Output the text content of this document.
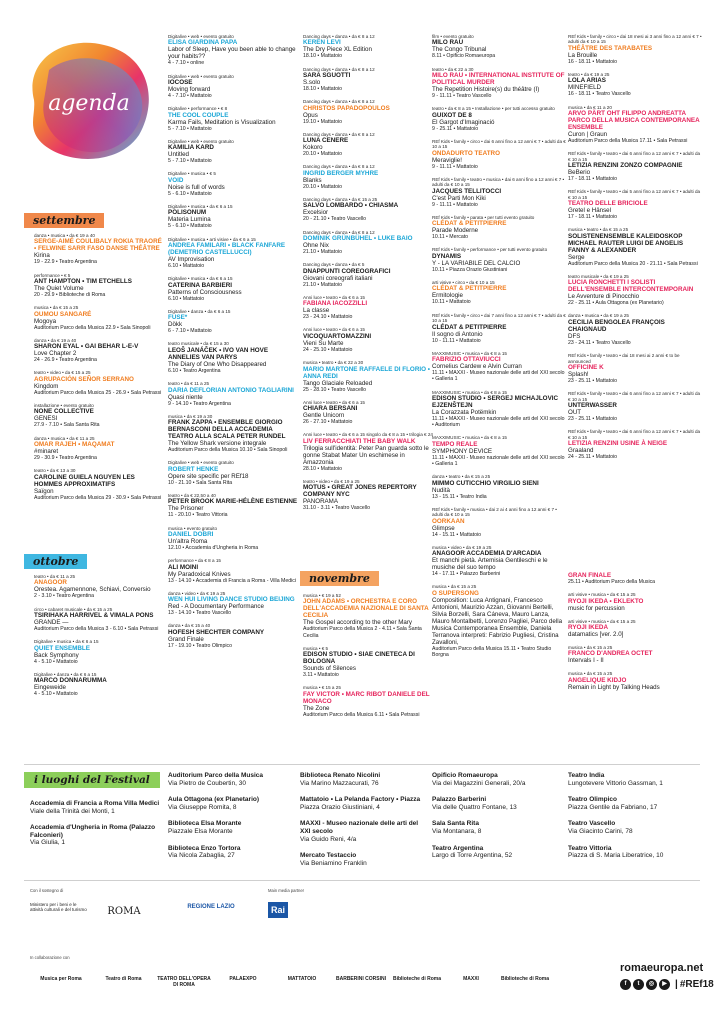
agenda
settembre
danza • musica • da € 19 a 40
SERGE-AIMÉ COULIBALY ROKIA TRAORÉ • FELWINE SARR FASO DANSE THÉÂTRE
Kirina
19 - 22.9 • Teatro Argentina
performance • € 5
ANT HAMPTON • TIM ETCHELLS
The Quiet Volume
20 - 29.9 • Biblioteche di Roma
musica • da € 15 a 25
OUMOU SANGARÉ
Mogoya
Auditorium Parco della Musica 22.9 • Sala Sinopoli
danza • da € 19 a 40
SHARON EYAL • GAI BEHAR L-E-V
Love Chapter 2
24 - 26.9 • Teatro Argentina
teatro • video • da € 15 a 25
AGRUPACIÓN SEÑOR SERRANO
Kingdom
Auditorium Parco della Musica 25 - 26.9 • Sala Petrassi
installazione • evento gratuito
NONE COLLECTIVE
GENESI
27.9 - 7.10 • Sala Santa Rita
danza • musica • da € 11 a 25
OMAR RAJEH • MAQAMAT
#minaret
29 - 30.9 • Teatro Argentina
teatro • da € 13 a 30
CAROLINE GUIELA NGUYEN LES HOMMES APPROXIMATIFS
Saïgon
Auditorium Parco della Musica 29 - 30.9 • Sala Petrassi
ottobre
teatro • da € 11 a 25
ANAGOOR
Orestea. Agamennone, Schiavi, Conversio
2 - 3.10 • Teatro Argentina
circo • cabaret musicale • da € 15 a 25
TSIRIHAKA HARRIVEL & VIMALA PONS
GRANDE —
Auditorium Parco della Musica 3 - 6.10 • Sala Petrassi
Digitalive • musica • da € 6 a 15
QUIET ENSEMBLE
Back Symphony
4 - 5.10 • Mattatoio
Digitalive • danza • da € 6 a 15
MARCO DONNARUMMA
Eingeweide
4 - 5.10 • Mattatoio
Digitalive • web • evento gratuito
ELISA GIARDINA PAPA
Labor of Sleep, Have you been able to change your habits??
4 - 7.10 • online
Digitalive • web • evento gratuito
IOCOSE
Moving forward
4 - 7.10 • Mattatoio
Digitalive • performance • € 8
THE COOL COUPLE
Karma Fails, Meditation is Visualization
5 - 7.10 • Mattatoio
Digitalive • web • evento gratuito
KAMILIA KARD
Untitled
5 - 7.10 • Mattatoio
Digitalive • musica • € 5
VOID
Noise is full of words
5 - 6.10 • Mattatoio
Digitalive • musica • da € 6 a 15
POLISONUM
Materia Lumina
5 - 6.10 • Mattatoio
Digitalive • musica • arti visive • da € 6 a 15
ANDREA FAMILARI • BLACK FANFARE (DEMETRIO CASTELLUCCI)
AV Improvisation
6.10 • Mattatoio
Digitalive • musica • da € 6 a 15
CATERINA BARBIERI
Patterns of Consciousness
6.10 • Mattatoio
Digitalive • danza • da € 6 a 15
FUSE*
Dökk
6 - 7.10 • Mattatoio
teatro musicale • da € 15 a 30
LEOŠ JANÁČEK • IVO VAN HOVE ANNELIES VAN PARYS
The Diary of One Who Disappeared
6.10 • Teatro Argentina
teatro • da € 11 a 25
DARIA DEFLORIAN ANTONIO TAGLIARINI
Quasi niente
9 - 14.10 • Teatro Argentina
musica • da € 19 a 30
FRANK ZAPPA • ENSEMBLE GIORGIO BERNASCONI DELLA ACCADEMIA TEATRO ALLA SCALA PETER RUNDEL
The Yellow Shark versione integrale
Auditorium Parco della Musica 10.10 • Sala Sinopoli
Digitalive • web • evento gratuito
ROBERT HENKE
Opere site specific per REf18
10 - 21.10 • Sala Santa Rita
teatro • da € 22,50 a 40
PETER BROOK MARIE-HÉLÈNE ESTIENNE
The Prisoner
11 - 20.10 • Teatro Vittoria
musica • evento gratuito
DANIEL DOBRI
Un'altra Roma
12.10 • Accademia d'Ungheria in Roma
performance • da € 8 a 15
ALI MOINI
My Paradoxical Knives
13 - 14.10 • Accademia di Francia a Roma - Villa Medici
danza • video • da € 19 a 25
WEN HUI LIVING DANCE STUDIO BEIJING
Red - A Documentary Performance
13 - 14.10 • Teatro Vascello
danza • da € 15 a 40
HOFESH SHECHTER COMPANY
Grand Finale
17 - 19.10 • Teatro Olimpico
Dancing days • danza • da € 8 a 12
KEREN LEVI
The Dry Piece XL Edition
18.10 • Mattatoio
Dancing days • danza • da € 8 a 12
SARA SGUOTTI
S.solo
18.10 • Mattatoio
Dancing days • danza • da € 8 a 12
CHRISTOS PAPADOPOULOS
Opus
19.10 • Mattatoio
Dancing days • danza • da € 8 a 12
LUNA CENERE
Kokoro
20.10 • Mattatoio
Dancing days • danza • da € 8 a 12
INGRID BERGER MYHRE
Blanks
20.10 • Mattatoio
Dancing days • danza • da € 15 a 25
SALVO LOMBARDO • CHIASMA
Excelsior
20 - 21.10 • Teatro Vascello
Dancing days • danza • da € 8 a 12
DOMINIK GRÜNBÜHEL • LUKE BAIO
Ohne Nix
21.10 • Mattatoio
Dancing days • danza • da € 5
DNAPPUNTI COREOGRAFICI
Giovani coreografi italiani
21.10 • Mattatoio
Anni luce • teatro • da € 6 a 15
FABIANA IACOZZILLI
La classe
23 - 24.10 • Mattatoio
Anni luce • teatro • da € 6 a 15
VICOQUARTOMAZZINI
Vieni Su Marte
24 - 25.10 • Mattatoio
musica • teatro • da € 22 a 30
MARIO MARTONE RAFFAELE DI FLORIO • ANNA REDI
Tango Glaciale Reloaded
25 - 28.10 • Teatro Vascello
Anni luce • teatro • da € 6 a 15
CHIARA BERSANI
Gentle Unicorn
26 - 27.10 • Mattatoio
Anni luce • teatro • da € 6 a 15 singolo da € 8 a 15 • trilogia € 24
LIV FERRACCHIATI THE BABY WALK
Trilogia sull'identità: Peter Pan guarda sotto le gonne Stabat Mater Un eschimese in Amazzonia
28.10 • Mattatoio
teatro • video • da € 19 a 25
MOTUS • GREAT JONES REPERTORY COMPANY NYC
PANORAMA
31.10 - 3.11 • Teatro Vascello
novembre
musica • € 19 a 52
JOHN ADAMS • ORCHESTRA E CORO DELL'ACCADEMIA NAZIONALE DI SANTA CECILIA
The Gospel according to the other Mary
Auditorium Parco della Musica 2 - 4.11 • Sala Santa Cecilia
musica • € 5
EDISON STUDIO • SIAE CINETECA DI BOLOGNA
Sounds of Silences
3.11 • Mattatoio
musica • € 15 a 25
FAY VICTOR • MARC RIBOT DANIELE DEL MONACO
The Zone
Auditorium Parco della Musica 6.11 • Sala Petrassi
film • evento gratuito
MILO RAU
The Congo Tribunal
8.11 • Opificio Romaeuropa
teatro • da € 22 a 30
MILO RAU • INTERNATIONAL INSTITUTE OF POLITICAL MURDER
The Repetition Histoire(s) du théâtre (I)
9 - 11.11 • Teatro Vascello
teatro • da € 8 a 15 • Installazione • per tutti accesso gratuito
GUIXOT DE 8
El Gargot d'Imaginació
9 - 25.11 • Mattatoio
REf Kids • family • circo • dai 6 anni fino a 12 anni € 7 • adulti da € 10 a 15
ONDADURTO TEATRO
Meraviglie!
9 - 11.11 • Mattatoio
REf Kids • family • teatro • musica • dai 6 anni fino a 12 anni € 7 • adulti da € 10 a 15
JACQUES TELLITOCCI
C'est Parti Mon Kiki
9 - 11.11 • Mattatoio
REf Kids • family • parata • per tutti evento gratuito
CLÉDAT & PETITPIERRE
Parade Moderne
10.11 • Mercato
REf Kids • family • performance • per tutti evento gratuito
DYNAMIS
Y - LA VARIABILE DEL CALCIO
10.11 • Piazza Orazio Giustiniani
arti visive • circo • da € 10 a 15
CLÉDAT & PETITPIERRE
Ermitologie
10.11 • Mattatoio
REf Kids • family • circo • dai 7 anni fino a 12 anni € 7 • adulti da € 10 a 15
CLÉDAT & PETITPIERRE
Il sogno di Antonio
10 - 11.11 • Mattatoio
MAXXIMUSIC • musica • da € 8 a 15
FABRIZIO OTTAVIUCCI
Cornelius Cardew e Alvin Curran
11.11 • MAXXI - Museo nazionale delle arti del XXI secolo • Galleria 1
MAXXIMUSIC • musica • da € 8 a 15
EDISON STUDIO • SERGEJ MICHAJLOVIC EJZENŠTEJN
La Corazzata Potëmkin
11.11 • MAXXI - Museo nazionale delle arti del XXI secolo • Auditorium
MAXXIMUSIC • musica • da € 8 a 15
TEMPO REALE
SYMPHONY DEVICE
11.11 • MAXXI - Museo nazionale delle arti del XXI secolo • Galleria 1
danza • teatro • da € 15 a 25
MIMMO CUTICCHIO VIRGILIO SIENI
Nudità
13 - 15.11 • Teatro India
REf Kids • family • musica • dai 2 ai 4 anni fino a 12 anni € 7 • adulti da € 10 a 15
OORKAAN
Glimpse
14 - 15.11 • Mattatoio
musica • video • da € 19 a 25
ANAGOOR ACCADEMIA D'ARCADIA
Et manchi pietà. Artemisia Gentileschi e le musiche del suo tempo
14 - 17.11 • Palazzo Barberini
musica • da € 15 a 25
O SUPERSONG
Composition: Luca Antignani, Francesco Antonioni, Maurizio Azzan, Giovanni Bertelli, Silvia Borzelli, Sara Cáneva, Mauro Lanza, Mauro Montalbetti, Lorenzo Pagliei, Parco della Musica Contemporanea Ensemble, Daniela Terranova interpreti: Fabrizio Pugliesi, Cristina Zavalloni,
Auditorium Parco della Musica 15.11 • Teatro Studio Borgna
REf Kids • family • circo • dai 18 mesi ai 3 anni fino a 12 anni € 7 • adulti da € 10 a 15
THÉÂTRE DES TARABATES
La Brouille
16 - 18.11 • Mattatoio
teatro • da € 19 a 25
LOLA ARIAS
MINEFIELD
16 - 18.11 • Teatro Vascello
musica • da € 11 a 20
ARVO PÄRT OHT FILIPPO ANDREATTA PARCO DELLA MUSICA CONTEMPORANEA ENSEMBLE
Curon | Graun
Auditorium Parco della Musica 17.11 • Sala Petrassi
REf Kids • family • teatro • dai 6 anni fino a 12 anni € 7 • adulti da € 10 a 15
LETIZIA RENZINI ZONZO COMPAGNIE
BeBerio
17 - 18.11 • Mattatoio
REf Kids • family • teatro • dai 5 anni fino a 12 anni € 7 • adulti da € 10 a 15
TEATRO DELLE BRICIOLE
Gretel e Hänsel
17 - 18.11 • Mattatoio
musica • teatro • da € 15 a 25
SOLISTENENSEMBLE KALEIDOSKOP MICHAEL RAUTER LUIGI DE ANGELIS FANNY & ALEXANDER
Serge
Auditorium Parco della Musica 20 - 21.11 • Sala Petrassi
teatro musicale • da € 19 a 25
LUCIA RONCHETTI I SOLISTI DELL'ENSEMBLE INTERCONTEMPORAIN
Le Avventure di Pinocchio
22 - 25.11 • Aula Ottagona (ex Planetario)
danza • musica • da € 19 a 25
CECILIA BENGOLEA FRANÇOIS CHAIGNAUD
DFS
23 - 24.11 • Teatro Vascello
REf Kids • family • teatro • dai 18 mesi ai 2 anni € to be announced
OFFICINE K
Splash!
23 - 25.11 • Mattatoio
REf Kids • family • teatro • dai 6 anni fino a 12 anni € 7 • adulti da € 10 a 15
UNTERWASSER
OUT
23 - 25.11 • Mattatoio
REf Kids • family • teatro • dai 6 anni fino a 12 anni € 7 • adulti da € 10 a 15
LETIZIA RENZINI USINE À NEIGE
Graaland
24 - 25.11 • Mattatoio
GRAN FINALE
25.11 • Auditorium Parco della Musica
arti visive • musica • da € 15 a 25
RYOJI IKEDA • EKLEKTO
music for percussion
arti visive • musica • da € 15 a 25
RYOJI IKEDA
datamatics [ver. 2.0]
musica • da € 15 a 25
FRANCO D'ANDREA OCTET
Intervals I - II
musica • da € 15 a 25
ANGELIQUE KIDJO
Remain in Light by Talking Heads
i luoghi del Festival
Accademia di Francia a Roma Villa Medici
Viale della Trinità dei Monti, 1
Accademia d'Ungheria in Roma (Palazzo Falconieri)
Via Giulia, 1
Auditorium Parco della Musica
Via Pietro de Coubertin, 30
Aula Ottagona (ex Planetario)
Via Giuseppe Romita, 8
Biblioteca Elsa Morante
Piazzale Elsa Morante
Biblioteca Enzo Tortora
Via Nicola Zabaglia, 27
Biblioteca Renato Nicolini
Via Marino Mazzacurati, 76
Mattatoio • La Pelanda Factory • Piazza
Piazza Orazio Giustiniani, 4
MAXXI - Museo nazionale delle arti del XXI secolo
Via Guido Reni, 4/a
Mercato Testaccio
Via Beniamino Franklin
Opificio Romaeuropa
Via dei Magazzini Generali, 20/a
Palazzo Barberini
Via delle Quattro Fontane, 13
Sala Santa Rita
Via Montanara, 8
Teatro Argentina
Largo di Torre Argentina, 52
Teatro India
Lungotevere Vittorio Gassman, 1
Teatro Olimpico
Piazza Gentile da Fabriano, 17
Teatro Vascello
Via Giacinto Carini, 78
Teatro Vittoria
Piazza di S. Maria Liberatrice, 10
Con il sostegno di
Ministero per i beni e le attività culturali e del turismo	ROMA	REGIONE LAZIO
Main media partner
Rai
In collaborazione con
Musica per Roma	Teatro di Roma	TEATRO DELL'OPERA DI ROMA
PALAEXPO	MATTATOIO	BARBERINI CORSINI	Biblioteche di Roma	MAXXI	Biblioteche di Roma
romaeuropa.net
f	t	◎	▶ | #REf18
